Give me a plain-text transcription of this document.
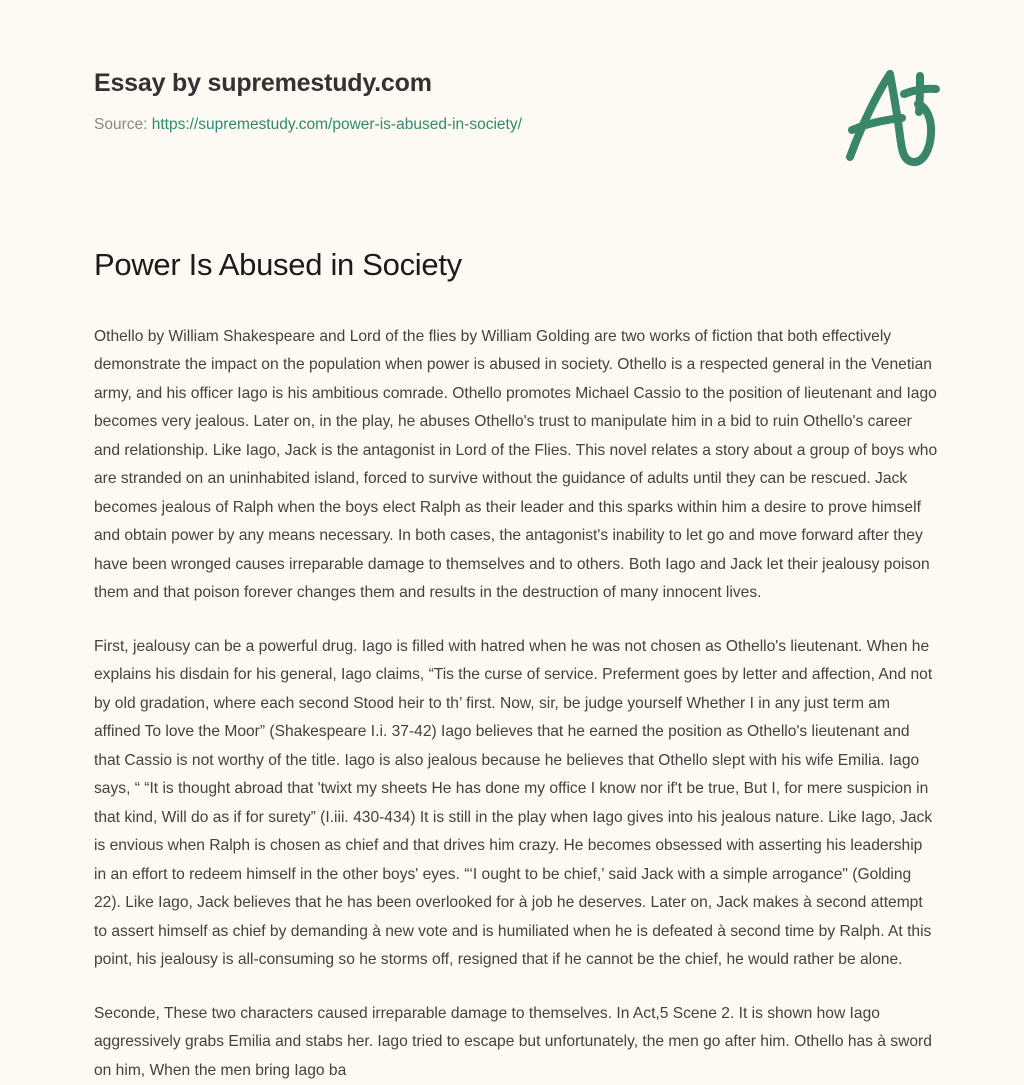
Essay by supremestudy.com
Source: https://supremestudy.com/power-is-abused-in-society/
Power Is Abused in Society

Othello by William Shakespeare and Lord of the flies by William Golding are two works of fiction that both effectively demonstrate the impact on the population when power is abused in society. Othello is a respected general in the Venetian army, and his officer Iago is his ambitious comrade. Othello promotes Michael Cassio to the position of lieutenant and Iago becomes very jealous. Later on, in the play, he abuses Othello's trust to manipulate him in a bid to ruin Othello's career and relationship. Like Iago, Jack is the antagonist in Lord of the Flies. This novel relates a story about a group of boys who are stranded on an uninhabited island, forced to survive without the guidance of adults until they can be rescued. Jack becomes jealous of Ralph when the boys elect Ralph as their leader and this sparks within him a desire to prove himself and obtain power by any means necessary. In both cases, the antagonist's inability to let go and move forward after they have been wronged causes irreparable damage to themselves and to others. Both Iago and Jack let their jealousy poison them and that poison forever changes them and results in the destruction of many innocent lives.

First, jealousy can be a powerful drug. Iago is filled with hatred when he was not chosen as Othello's lieutenant. When he explains his disdain for his general, Iago claims, “Tis the curse of service. Preferment goes by letter and affection, And not by old gradation, where each second Stood heir to th’ first. Now, sir, be judge yourself Whether I in any just term am affined To love the Moor” (Shakespeare I.i. 37-42) Iago believes that he earned the position as Othello's lieutenant and that Cassio is not worthy of the title. Iago is also jealous because he believes that Othello slept with his wife Emilia. Iago says, “ “It is thought abroad that 'twixt my sheets He has done my office I know nor if't be true, But I, for mere suspicion in that kind, Will do as if for surety” (I.iii. 430-434) It is still in the play when Iago gives into his jealous nature. Like Iago, Jack is envious when Ralph is chosen as chief and that drives him crazy. He becomes obsessed with asserting his leadership in an effort to redeem himself in the other boys' eyes. “‘I ought to be chief,’ said Jack with a simple arrogance" (Golding 22). Like Iago, Jack believes that he has been overlooked for à job he deserves. Later on, Jack makes à second attempt to assert himself as chief by demanding à new vote and is humiliated when he is defeated à second time by Ralph. At this point, his jealousy is all-consuming so he storms off, resigned that if he cannot be the chief, he would rather be alone.

Seconde, These two characters caused irreparable damage to themselves. In Act,5 Scene 2. It is shown how Iago aggressively grabs Emilia and stabs her. Iago tried to escape but unfortunately, the men go after him. Othello has à sword on him, When the men bring Iago ba
